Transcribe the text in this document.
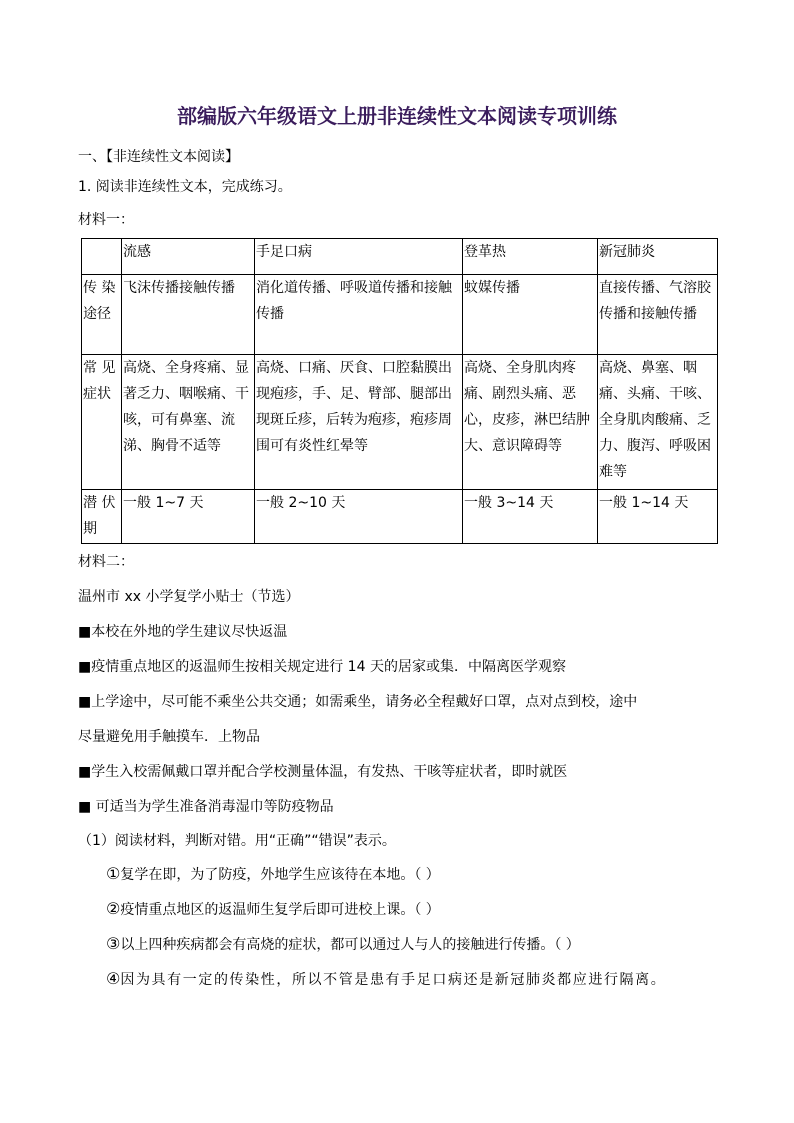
部编版六年级语文上册非连续性文本阅读专项训练
一、【非连续性文本阅读】
1. 阅读非连续性文本，完成练习。
材料一：
	流感	手足口病	登革热	新冠肺炎
传 染途径	飞沫传播接触传播	消化道传播、呼吸道传播和接触传播	蚊媒传播	直接传播、气溶胶传播和接触传播
常 见症状	高烧、全身疼痛、显著乏力、咽喉痛、干咳，可有鼻塞、流涕、胸骨不适等	高烧、口痛、厌食、口腔黏膜出现疱疹，手、足、臂部、腿部出现斑丘疹，后转为疱疹，疱疹周围可有炎性红晕等	高烧、全身肌肉疼痛、剧烈头痛、恶心，皮疹，淋巴结肿大、意识障碍等	高烧、鼻塞、咽痛、头痛、干咳、全身肌肉酸痛、乏力、腹泻、呼吸困难等
潜 伏期	一般 1~7 天	一般 2~10 天	一般 3~14 天	一般 1~14 天
材料二：
温州市 xx 小学复学小贴士（节选）
■本校在外地的学生建议尽快返温
■疫情重点地区的返温师生按相关规定进行 14 天的居家或集．中隔离医学观察
■上学途中，尽可能不乘坐公共交通；如需乘坐，请务必全程戴好口罩，点对点到校，途中
尽量避免用手触摸车．上物品
■学生入校需佩戴口罩并配合学校测量体温，有发热、干咳等症状者，即时就医
■ 可适当为学生准备消毒湿巾等防疫物品
（1）阅读材料，判断对错。用“正确”“错误”表示。
①复学在即，为了防疫，外地学生应该待在本地。（ ）
②疫情重点地区的返温师生复学后即可进校上课。（ ）
③以上四种疾病都会有高烧的症状，都可以通过人与人的接触进行传播。（ ）
④因为具有一定的传染性，所以不管是患有手足口病还是新冠肺炎都应进行隔离。
